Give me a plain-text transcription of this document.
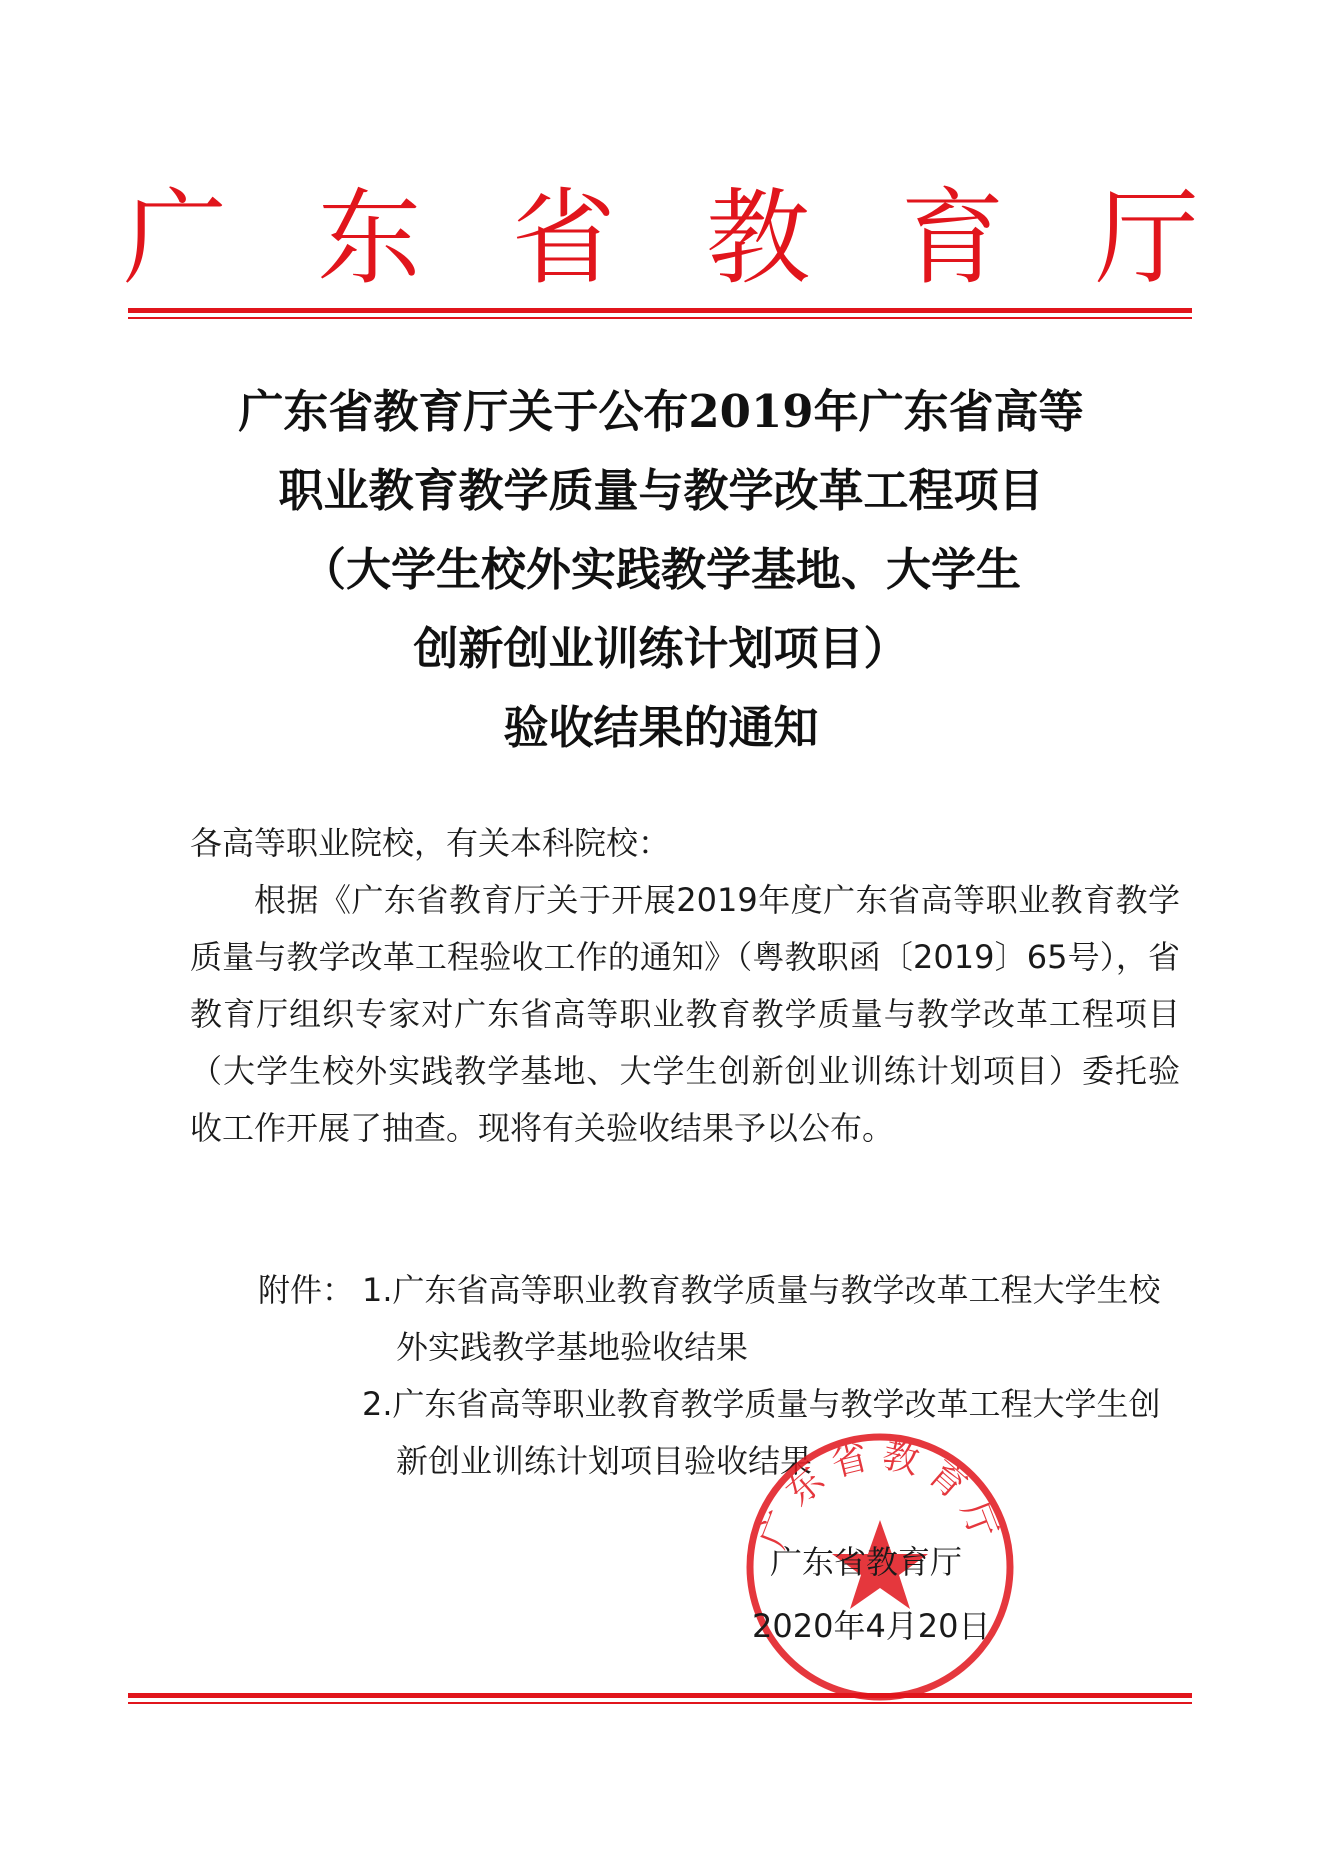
广 东 省 教 育 厅
广东省教育厅关于公布2019年广东省高等
职业教育教学质量与教学改革工程项目
（大学生校外实践教学基地、大学生
创新创业训练计划项目）
验收结果的通知
各高等职业院校，有关本科院校：
根据《广东省教育厅关于开展2019年度广东省高等职业教育教学质量与教学改革工程验收工作的通知》（粤教职函〔2019〕65号），省教育厅组织专家对广东省高等职业教育教学质量与教学改革工程项目（大学生校外实践教学基地、大学生创新创业训练计划项目）委托验收工作开展了抽查。现将有关验收结果予以公布。
附件： 1.广东省高等职业教育教学质量与教学改革工程大学生校外实践教学基地验收结果
2.广东省高等职业教育教学质量与教学改革工程大学生创新创业训练计划项目验收结果
广东省教育厅
广东省教育厅
2020年4月20日
